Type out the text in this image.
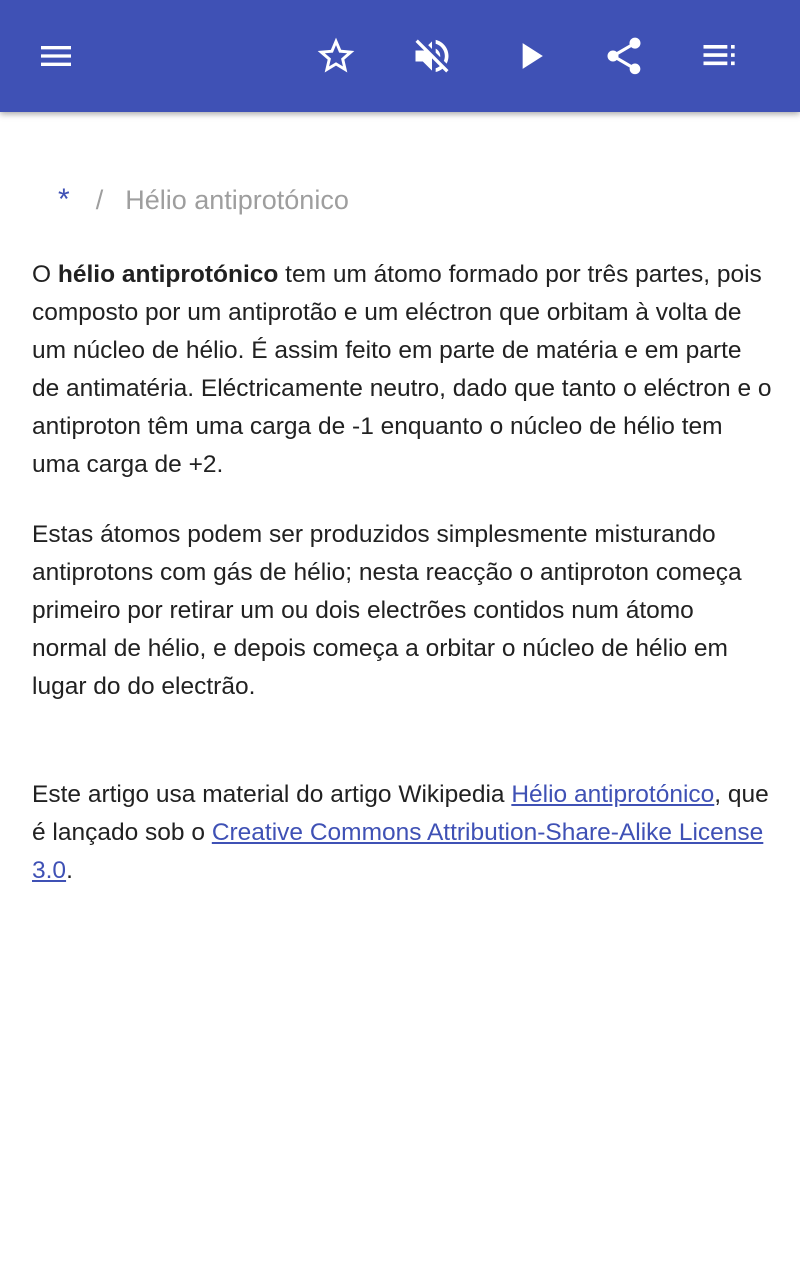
* / Hélio antiprotónico

O hélio antiprotónico tem um átomo formado por três partes, pois composto por um antiprotão e um eléctron que orbitam à volta de um núcleo de hélio. É assim feito em parte de matéria e em parte de antimatéria. Eléctricamente neutro, dado que tanto o eléctron e o antiproton têm uma carga de -1 enquanto o núcleo de hélio tem uma carga de +2.

Estas átomos podem ser produzidos simplesmente misturando antiprotons com gás de hélio; nesta reacção o antiproton começa primeiro por retirar um ou dois electrões contidos num átomo normal de hélio, e depois começa a orbitar o núcleo de hélio em lugar do do electrão.

Este artigo usa material do artigo Wikipedia Hélio antiprotónico, que é lançado sob o Creative Commons Attribution-Share-Alike License 3.0.
